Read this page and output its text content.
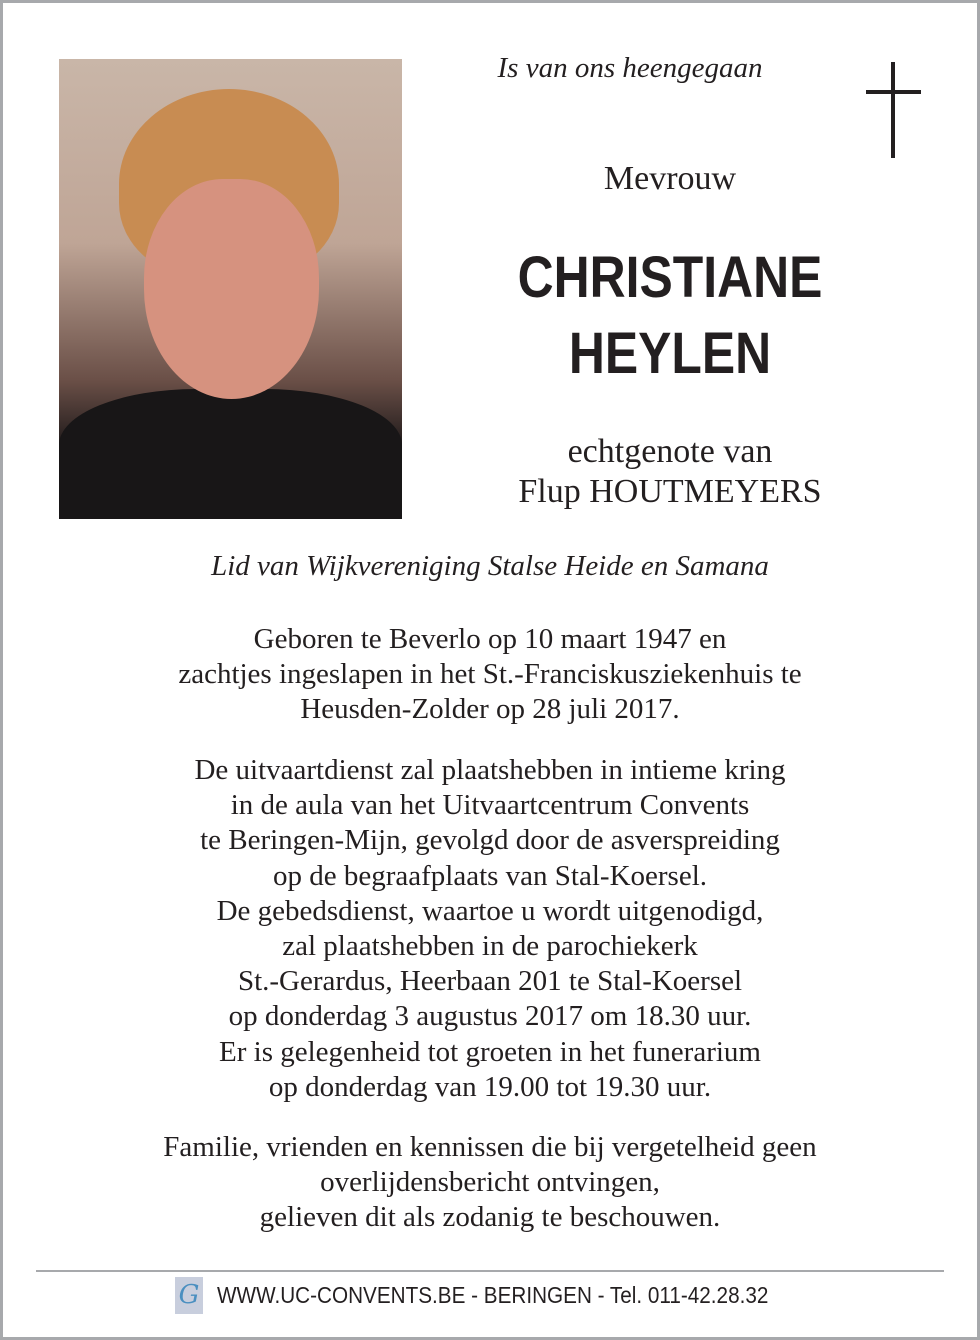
Is van ons heengegaan
Mevrouw
CHRISTIANE
HEYLEN
echtgenote van
Flup HOUTMEYERS
Lid van Wijkvereniging Stalse Heide en Samana
Geboren te Beverlo op 10 maart 1947 en
zachtjes ingeslapen in het St.-Franciskusziekenhuis te
Heusden-Zolder op 28 juli 2017.
De uitvaartdienst zal plaatshebben in intieme kring
in de aula van het Uitvaartcentrum Convents
te Beringen-Mijn, gevolgd door de asverspreiding
op de begraafplaats van Stal-Koersel.
De gebedsdienst, waartoe u wordt uitgenodigd,
zal plaatshebben in de parochiekerk
St.-Gerardus, Heerbaan 201 te Stal-Koersel
op donderdag 3 augustus 2017 om 18.30 uur.
Er is gelegenheid tot groeten in het funerarium
op donderdag van 19.00 tot 19.30 uur.
Familie, vrienden en kennissen die bij vergetelheid geen
overlijdensbericht ontvingen,
gelieven dit als zodanig te beschouwen.
G WWW.UC-CONVENTS.BE - BERINGEN - Tel. 011-42.28.32
